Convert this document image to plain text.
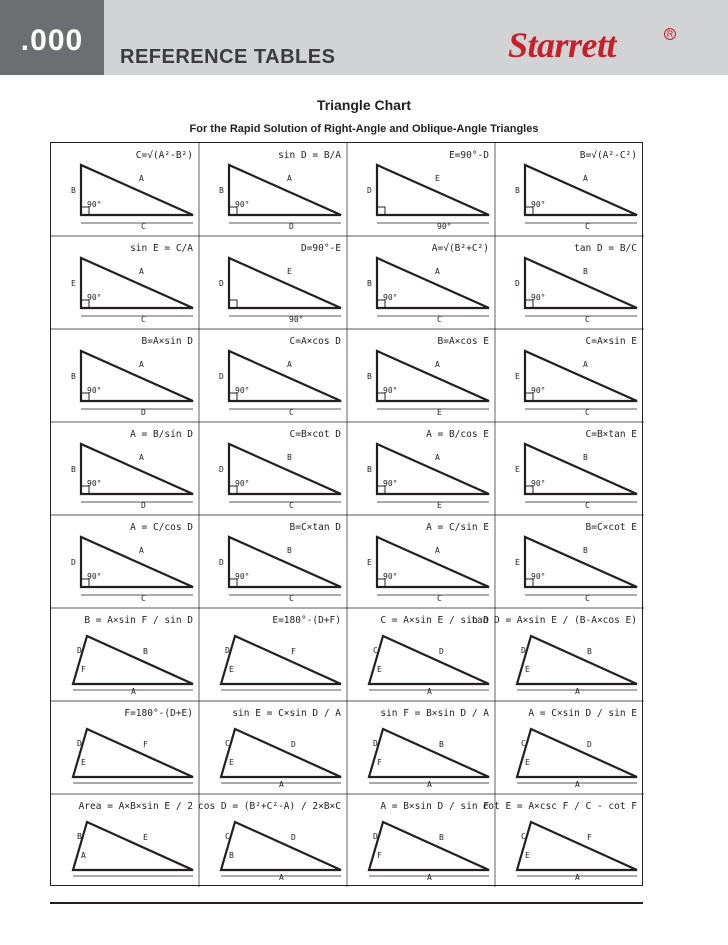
.000
REFERENCE TABLES	Starrett	R
Triangle Chart
For the Rapid Solution of Right-Angle and Oblique-Angle Triangles
C=√(A²-B²)
A
B
C
90°
sin D = B/A
A
B
D
90°
E=90°-D
E
D
90°
B=√(A²-C²)
A
B
C
90°
sin E = C/A
A
E
C
90°
D=90°-E
E
D
90°
A=√(B²+C²)
A
B
C
90°
tan D = B/C
B
D
C
90°
B=A×sin D
A
B
D
90°
C=A×cos D
A
D
C
90°
B=A×cos E
A
B
E
90°
C=A×sin E
A
E
C
90°
A = B/sin D
A
B
D
90°
C=B×cot D
B
D
C
90°
A = B/cos E
A
B
E
90°
C=B×tan E
B
E
C
90°
A = C/cos D
A
D
C
90°
B=C×tan D
B
D
C
90°
A = C/sin E
A
E
C
90°
B=C×cot E
B
E
C
90°
B = A×sin F / sin D
D	B
F
A
E=180°-(D+F)
D	F
E
C = A×sin E / sin D
C	D
E
A
tan D = A×sin E / (B-A×cos E)
D	B
E
A
F=180°-(D+E)
D	F
E
sin E = C×sin D / A
C	D
E
A
sin F = B×sin D / A
D	B
F
A
A = C×sin D / sin E
C	D
E
A
Area = A×B×sin E / 2
B	E
A
cos D = (B²+C²-A) / 2×B×C
C	D
B
A
A = B×sin D / sin F
D	B
F
A
cot E = A×csc F / C - cot F
C	F
E
A
